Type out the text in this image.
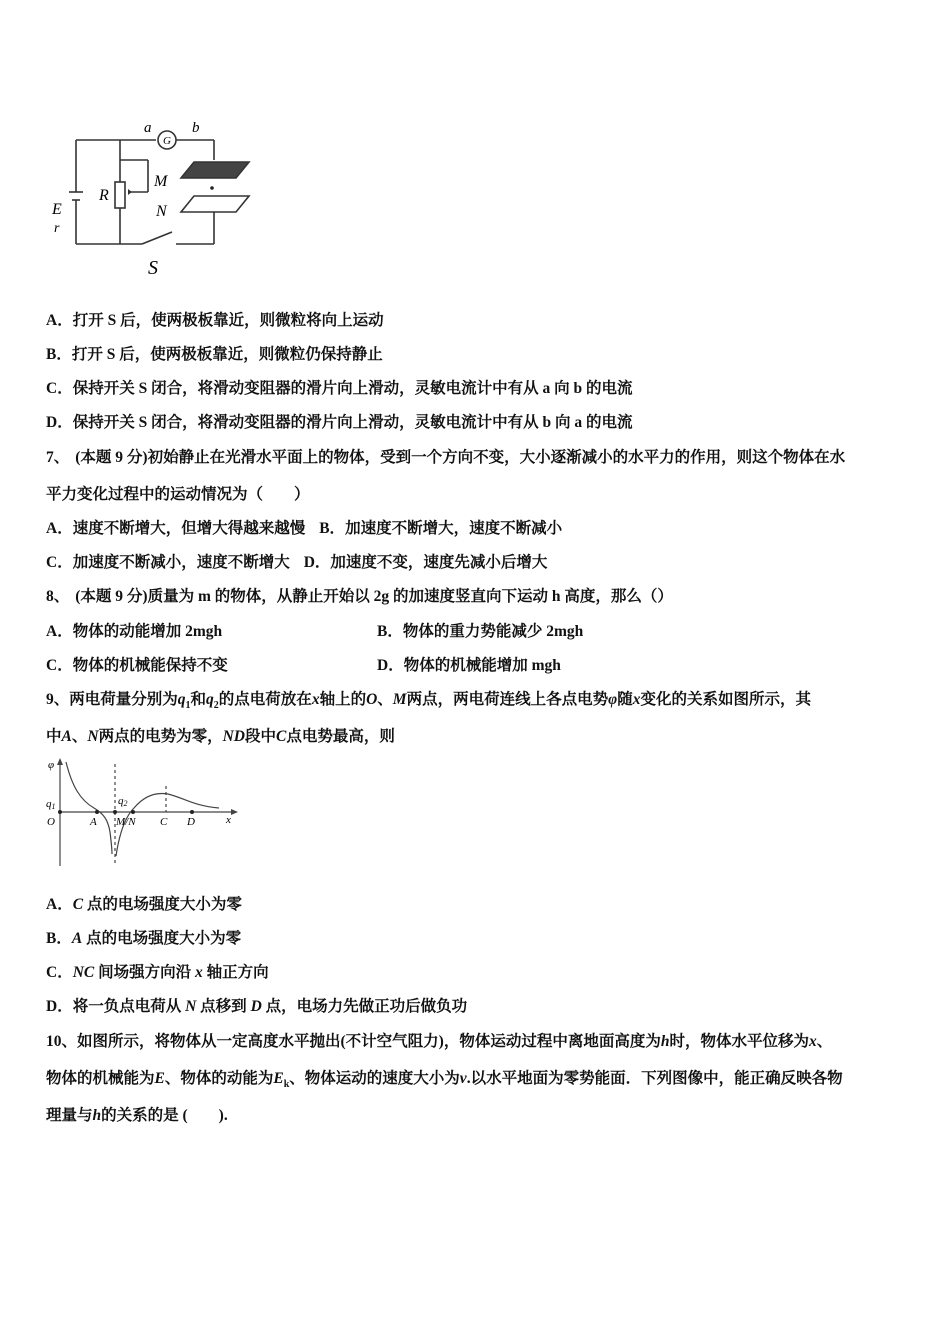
G
a	b
M
N
R
E
r
S
A．打开 S 后，使两极板靠近，则微粒将向上运动
B．打开 S 后，使两极板靠近，则微粒仍保持静止
C．保持开关 S 闭合，将滑动变阻器的滑片向上滑动，灵敏电流计中有从 a 向 b 的电流
D．保持开关 S 闭合，将滑动变阻器的滑片向上滑动，灵敏电流计中有从 b 向 a 的电流
7、 (本题 9 分)初始静止在光滑水平面上的物体，受到一个方向不变，大小逐渐减小的水平力的作用，则这个物体在水
平力变化过程中的运动情况为（　　）
A．速度不断增大，但增大得越来越慢 B．加速度不断增大，速度不断减小
C．加速度不断减小，速度不断增大 D．加速度不变，速度先减小后增大
8、 (本题 9 分)质量为 m 的物体，从静止开始以 2g 的加速度竖直向下运动 h 高度，那么（）
A．物体的动能增加 2mgh	B．物体的重力势能减少 2mgh
C．物体的机械能保持不变	D．物体的机械能增加 mgh
9、两电荷量分别为$q_1$和$q_2$的点电荷放在x轴上的O、M两点，两电荷连线上各点电势φ随x变化的关系如图所示，其
中A、N两点的电势为零，ND段中C点电势最高，则
φ
q1	q2
O	A M/N C D	x
A．C 点的电场强度大小为零
B．A 点的电场强度大小为零
C．NC 间场强方向沿 x 轴正方向
D．将一负点电荷从 N 点移到 D 点，电场力先做正功后做负功
10、如图所示，将物体从一定高度水平抛出(不计空气阻力)，物体运动过程中离地面高度为h时，物体水平位移为x、
物体的机械能为E、物体的动能为$E_k$、物体运动的速度大小为v.以水平地面为零势能面．下列图像中，能正确反映各物
理量与h的关系的是 (　　).
